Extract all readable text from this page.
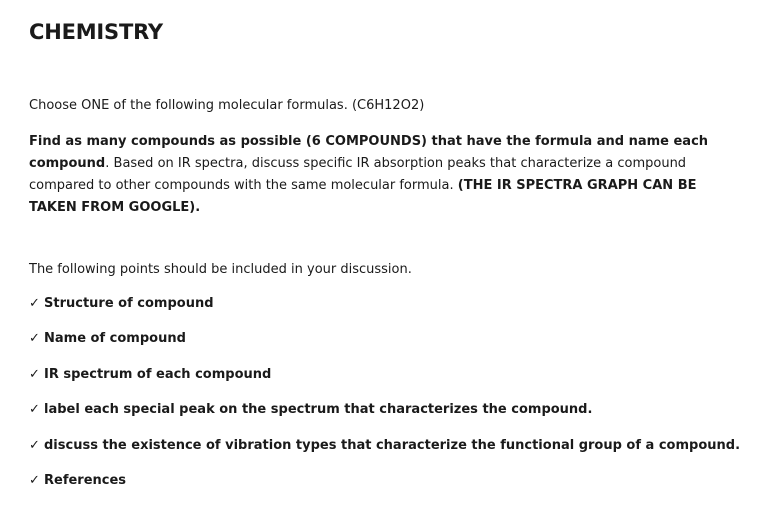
CHEMISTRY
Choose ONE of the following molecular formulas. (C6H12O2)
Find as many compounds as possible (6 COMPOUNDS) that have the formula and name each compound. Based on IR spectra, discuss specific IR absorption peaks that characterize a compound compared to other compounds with the same molecular formula. (THE IR SPECTRA GRAPH CAN BE TAKEN FROM GOOGLE).
The following points should be included in your discussion.
✓ Structure of compound
✓ Name of compound
✓ IR spectrum of each compound
✓ label each special peak on the spectrum that characterizes the compound.
✓ discuss the existence of vibration types that characterize the functional group of a compound.
✓ References
